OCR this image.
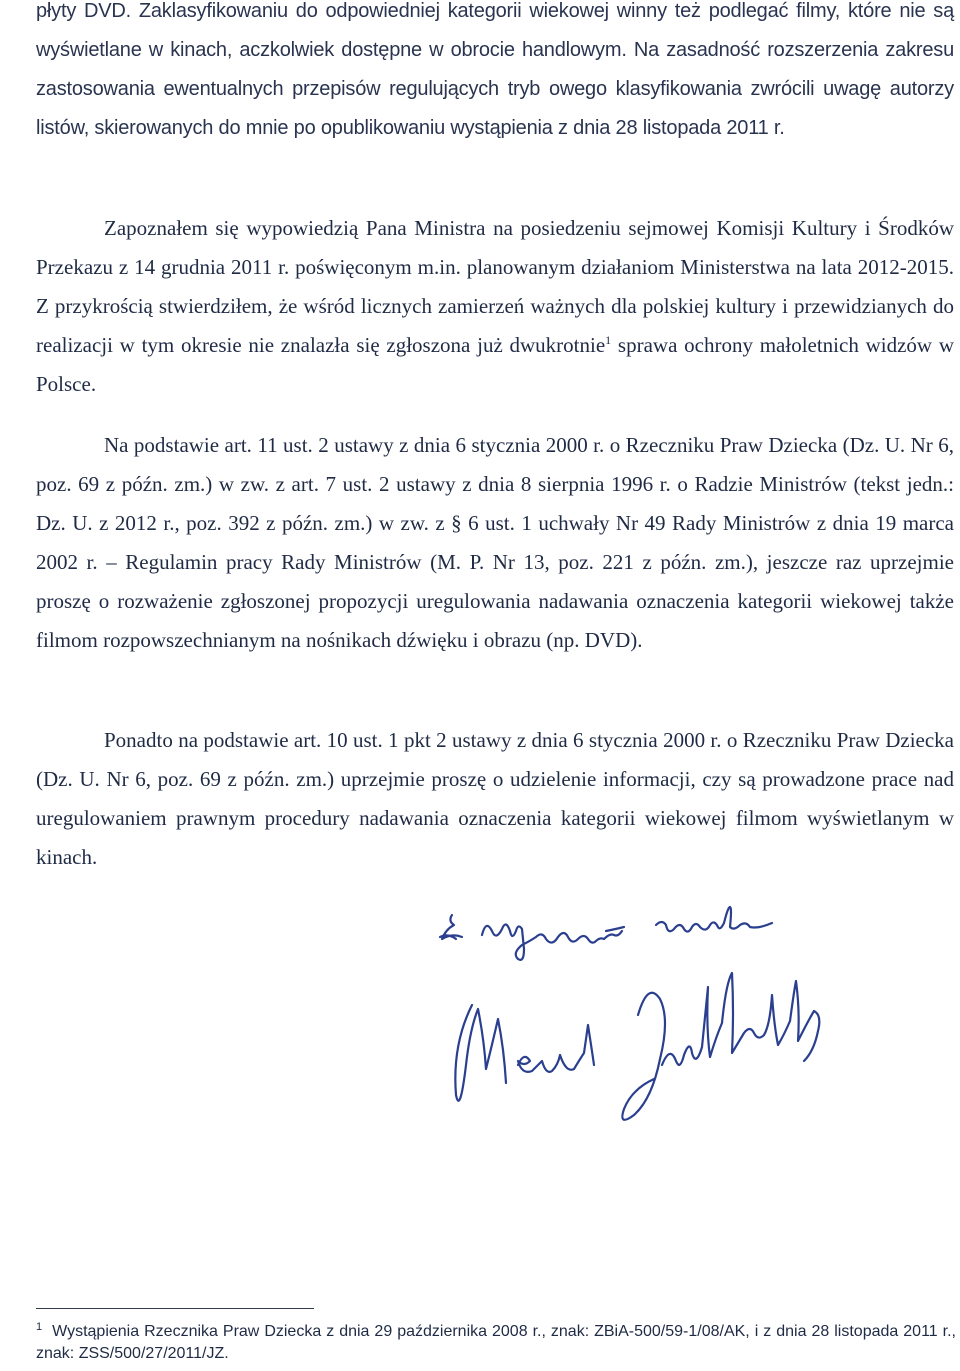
płyty DVD. Zaklasyfikowaniu do odpowiedniej kategorii wiekowej winny też podlegać filmy, które nie są wyświetlane w kinach, aczkolwiek dostępne w obrocie handlowym. Na zasadność rozszerzenia zakresu zastosowania ewentualnych przepisów regulujących tryb owego klasyfikowania zwrócili uwagę autorzy listów, skierowanych do mnie po opublikowaniu wystąpienia z dnia 28 listopada 2011 r.

Zapoznałem się wypowiedzią Pana Ministra na posiedzeniu sejmowej Komisji Kultury i Środków Przekazu z 14 grudnia 2011 r. poświęconym m.in. planowanym działaniom Ministerstwa na lata 2012-2015. Z przykrością stwierdziłem, że wśród licznych zamierzeń ważnych dla polskiej kultury i przewidzianych do realizacji w tym okresie nie znalazła się zgłoszona już dwukrotnie$^1$ sprawa ochrony małoletnich widzów w Polsce.

Na podstawie art. 11 ust. 2 ustawy z dnia 6 stycznia 2000 r. o Rzeczniku Praw Dziecka (Dz. U. Nr 6, poz. 69 z późn. zm.) w zw. z art. 7 ust. 2 ustawy z dnia 8 sierpnia 1996 r. o Radzie Ministrów (tekst jedn.: Dz. U. z 2012 r., poz. 392 z późn. zm.) w zw. z § 6 ust. 1 uchwały Nr 49 Rady Ministrów z dnia 19 marca 2002 r. – Regulamin pracy Rady Ministrów (M. P. Nr 13, poz. 221 z późn. zm.), jeszcze raz uprzejmie proszę o rozważenie zgłoszonej propozycji uregulowania nadawania oznaczenia kategorii wiekowej także filmom rozpowszechnianym na nośnikach dźwięku i obrazu (np. DVD).

Ponadto na podstawie art. 10 ust. 1 pkt 2 ustawy z dnia 6 stycznia 2000 r. o Rzeczniku Praw Dziecka (Dz. U. Nr 6, poz. 69 z późn. zm.) uprzejmie proszę o udzielenie informacji, czy są prowadzone prace nad uregulowaniem prawnym procedury nadawania oznaczenia kategorii wiekowej filmom wyświetlanym w kinach.

$^1$ Wystąpienia Rzecznika Praw Dziecka z dnia 29 października 2008 r., znak: ZBiA-500/59-1/08/AK, i z dnia 28 listopada 2011 r., znak: ZSS/500/27/2011/JZ.
